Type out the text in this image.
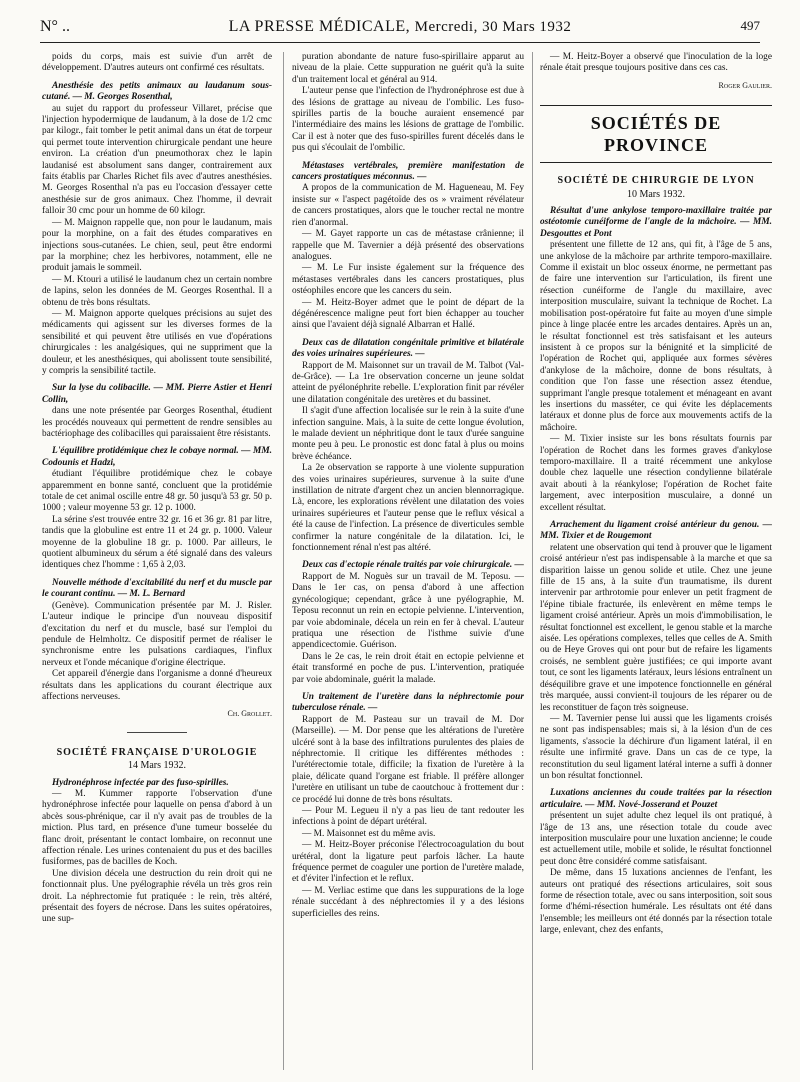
N° ..	LA PRESSE MÉDICALE, Mercredi, 30 Mars 1932	497

poids du corps, mais est suivie d'un arrêt de développement. D'autres auteurs ont confirmé ces résultats.

Anesthésie des petits animaux au laudanum sous-cutané. — M. Georges Rosenthal,

au sujet du rapport du professeur Villaret, précise que l'injection hypodermique de laudanum, à la dose de 1/2 cmc par kilogr., fait tomber le petit animal dans un état de torpeur qui permet toute intervention chirurgicale pendant une heure environ. La création d'un pneumothorax chez le lapin laudanisé est absolument sans danger, contrairement aux faits établis par Charles Richet fils avec d'autres anesthésies. M. Georges Rosenthal n'a pas eu l'occasion d'essayer cette anesthésie sur de gros animaux. Chez l'homme, il devrait falloir 30 cmc pour un homme de 60 kilogr.

— M. Maignon rappelle que, non pour le laudanum, mais pour la morphine, on a fait des études comparatives en injections sous-cutanées. Le chien, seul, peut être endormi par la morphine; chez les herbivores, notamment, elle ne produit jamais le sommeil.

— M. Ktouri a utilisé le laudanum chez un certain nombre de lapins, selon les données de M. Georges Rosenthal. Il a obtenu de très bons résultats.

— M. Maignon apporte quelques précisions au sujet des médicaments qui agissent sur les diverses formes de la sensibilité et qui peuvent être utilisés en vue d'opérations chirurgicales : les analgésiques, qui ne suppriment que la douleur, et les anesthésiques, qui abolissent toute sensibilité, y compris la sensibilité tactile.

Sur la lyse du colibacille. — MM. Pierre Astier et Henri Collin,

dans une note présentée par Georges Rosenthal, étudient les procédés nouveaux qui permettent de rendre sensibles au bactériophage des colibacilles qui paraissaient être résistants.

L'équilibre protidémique chez le cobaye normal. — MM. Codounis et Hadzi,

étudiant l'équilibre protidémique chez le cobaye apparemment en bonne santé, concluent que la protidémie totale de cet animal oscille entre 48 gr. 50 jusqu'à 53 gr. 50 p. 1000 ; valeur moyenne 53 gr. 12 p. 1000.

La sérine s'est trouvée entre 32 gr. 16 et 36 gr. 81 par litre, tandis que la globuline est entre 11 et 24 gr. p. 1000. Valeur moyenne de la globuline 18 gr. p. 1000. Par ailleurs, le quotient albumineux du sérum a été signalé dans des valeurs identiques chez l'homme : 1,65 à 2,03.

Nouvelle méthode d'excitabilité du nerf et du muscle par le courant continu. — M. L. Bernard

(Genève). Communication présentée par M. J. Risler. L'auteur indique le principe d'un nouveau dispositif d'excitation du nerf et du muscle, basé sur l'emploi du pendule de Helmholtz. Ce dispositif permet de réaliser le synchronisme entre les pulsations cardiaques, l'influx nerveux et l'onde mécanique d'origine électrique.

Cet appareil d'énergie dans l'organisme a donné d'heureux résultats dans les applications du courant électrique aux affections nerveuses.

Ch. Grollet.

SOCIÉTÉ FRANÇAISE D'UROLOGIE

14 Mars 1932.

Hydronéphrose infectée par des fuso-spirilles.

— M. Kummer rapporte l'observation d'une hydronéphrose infectée pour laquelle on pensa d'abord à un abcès sous-phrénique, car il n'y avait pas de troubles de la miction. Plus tard, en présence d'une tumeur bosselée du flanc droit, présentant le contact lombaire, on reconnut une affection rénale. Les urines contenaient du pus et des bacilles fusiformes, pas de bacilles de Koch.

Une division décela une destruction du rein droit qui ne fonctionnait plus. Une pyélographie révéla un très gros rein droit. La néphrectomie fut pratiquée : le rein, très altéré, présentait des foyers de nécrose. Dans les suites opératoires, une sup-

puration abondante de nature fuso-spirillaire apparut au niveau de la plaie. Cette suppuration ne guérit qu'à la suite d'un traitement local et général au 914.

L'auteur pense que l'infection de l'hydronéphrose est due à des lésions de grattage au niveau de l'ombilic. Les fuso-spirilles partis de la bouche auraient ensemencé par l'intermédiaire des mains les lésions de grattage de l'ombilic. Car il est à noter que des fuso-spirilles furent décelés dans le pus qui s'écoulait de l'ombilic.

Métastases vertébrales, première manifestation de cancers prostatiques méconnus. —

A propos de la communication de M. Hagueneau, M. Fey insiste sur « l'aspect pagétoïde des os » vraiment révélateur de cancers prostatiques, alors que le toucher rectal ne montre rien d'anormal.

— M. Gayet rapporte un cas de métastase crânienne; il rappelle que M. Tavernier a déjà présenté des observations analogues.

— M. Le Fur insiste également sur la fréquence des métastases vertébrales dans les cancers prostatiques, plus ostéophiles encore que les cancers du sein.

— M. Heitz-Boyer admet que le point de départ de la dégénérescence maligne peut fort bien échapper au toucher ainsi que l'avaient déjà signalé Albarran et Hallé.

Deux cas de dilatation congénitale primitive et bilatérale des voies urinaires supérieures. —

Rapport de M. Maisonnet sur un travail de M. Talbot (Val-de-Grâce). — La 1re observation concerne un jeune soldat atteint de pyélonéphrite rebelle. L'exploration finit par révéler une dilatation congénitale des uretères et du bassinet.

Il s'agit d'une affection localisée sur le rein à la suite d'une infection sanguine. Mais, à la suite de cette longue évolution, le malade devient un néphritique dont le taux d'urée sanguine monte peu à peu. Le pronostic est donc fatal à plus ou moins brève échéance.

La 2e observation se rapporte à une violente suppuration des voies urinaires supérieures, survenue à la suite d'une instillation de nitrate d'argent chez un ancien blennorragique. Là, encore, les explorations révèlent une dilatation des voies urinaires supérieures et l'auteur pense que le reflux vésical a été la cause de l'infection. La présence de diverticules semble confirmer la nature congénitale de la dilatation. Ici, le fonctionnement rénal n'est pas altéré.

Deux cas d'ectopie rénale traités par voie chirurgicale. —

Rapport de M. Noguès sur un travail de M. Teposu. — Dans le 1er cas, on pensa d'abord à une affection gynécologique; cependant, grâce à une pyélographie, M. Teposu reconnut un rein en ectopie pelvienne. L'intervention, par voie abdominale, décela un rein en fer à cheval. L'auteur pratiqua une résection de l'isthme suivie d'une appendicectomie. Guérison.

Dans le 2e cas, le rein droit était en ectopie pelvienne et était transformé en poche de pus. L'intervention, pratiquée par voie abdominale, guérit la malade.

Un traitement de l'uretère dans la néphrectomie pour tuberculose rénale. —

Rapport de M. Pasteau sur un travail de M. Dor (Marseille). — M. Dor pense que les altérations de l'uretère ulcéré sont à la base des infiltrations purulentes des plaies de néphrectomie. Il critique les différentes méthodes : l'urétérectomie totale, difficile; la fixation de l'uretère à la plaie, délicate quand l'organe est friable. Il préfère allonger l'uretère en utilisant un tube de caoutchouc à frottement dur : ce procédé lui donne de très bons résultats.

— Pour M. Legueu il n'y a pas lieu de tant redouter les infections à point de départ urétéral.

— M. Maisonnet est du même avis.

— M. Heitz-Boyer préconise l'électrocoagulation du bout urétéral, dont la ligature peut parfois lâcher. La haute fréquence permet de coaguler une portion de l'uretère malade, et d'éviter l'infection et le reflux.

— M. Verliac estime que dans les suppurations de la loge rénale succédant à des néphrectomies il y a des lésions superficielles des reins.

— M. Heitz-Boyer a observé que l'inoculation de la loge rénale était presque toujours positive dans ces cas.

Roger Gaulier.

SOCIÉTÉS DE PROVINCE

SOCIÉTÉ DE CHIRURGIE DE LYON

10 Mars 1932.

Résultat d'une ankylose temporo-maxillaire traitée par ostéotomie cunéiforme de l'angle de la mâchoire. — MM. Desgouttes et Pont

présentent une fillette de 12 ans, qui fit, à l'âge de 5 ans, une ankylose de la mâchoire par arthrite temporo-maxillaire. Comme il existait un bloc osseux énorme, ne permettant pas de faire une intervention sur l'articulation, ils firent une résection cunéiforme de l'angle du maxillaire, avec interposition musculaire, suivant la technique de Rochet. La mobilisation post-opératoire fut faite au moyen d'une simple pince à linge placée entre les arcades dentaires. Après un an, le résultat fonctionnel est très satisfaisant et les auteurs insistent à ce propos sur la bénignité et la simplicité de l'opération de Rochet qui, appliquée aux formes sévères d'ankylose de la mâchoire, donne de bons résultats, à condition que l'on fasse une résection assez étendue, supprimant l'angle presque totalement et ménageant en avant les insertions du masséter, ce qui évite les déplacements latéraux et donne plus de force aux mouvements actifs de la mâchoire.

— M. Tixier insiste sur les bons résultats fournis par l'opération de Rochet dans les formes graves d'ankylose temporo-maxillaire. Il a traité récemment une ankylose double chez laquelle une résection condylienne bilatérale avait abouti à la réankylose; l'opération de Rochet faite largement, avec interposition musculaire, a donné un excellent résultat.

Arrachement du ligament croisé antérieur du genou. — MM. Tixier et de Rougemont

relatent une observation qui tend à prouver que le ligament croisé antérieur n'est pas indispensable à la marche et que sa disparition laisse un genou solide et utile. Chez une jeune fille de 15 ans, à la suite d'un traumatisme, ils durent intervenir par arthrotomie pour enlever un petit fragment de l'épine tibiale fracturée, ils enlevèrent en même temps le ligament croisé antérieur. Après un mois d'immobilisation, le résultat fonctionnel est excellent, le genou stable et la marche aisée. Les opérations complexes, telles que celles de A. Smith ou de Heye Groves qui ont pour but de refaire les ligaments croisés, ne semblent guère justifiées; ce qui importe avant tout, ce sont les ligaments latéraux, leurs lésions entraînent un déséquilibre grave et une impotence fonctionnelle en général très marquée, aussi convient-il toujours de les réparer ou de les reconstituer de façon très soigneuse.

— M. Tavernier pense lui aussi que les ligaments croisés ne sont pas indispensables; mais si, à la lésion d'un de ces ligaments, s'associe la déchirure d'un ligament latéral, il en résulte une infirmité grave. Dans un cas de ce type, la reconstitution du seul ligament latéral interne a suffi à donner un bon résultat fonctionnel.

Luxations anciennes du coude traitées par la résection articulaire. — MM. Nové-Josserand et Pouzet

présentent un sujet adulte chez lequel ils ont pratiqué, à l'âge de 13 ans, une résection totale du coude avec interposition musculaire pour une luxation ancienne; le coude est actuellement utile, mobile et solide, le résultat fonctionnel peut donc être considéré comme satisfaisant.

De même, dans 15 luxations anciennes de l'enfant, les auteurs ont pratiqué des résections articulaires, soit sous forme de résection totale, avec ou sans interposition, soit sous forme d'hémi-résection humérale. Les résultats ont été dans l'ensemble; les meilleurs ont été donnés par la résection totale large, enlevant, chez des enfants,
